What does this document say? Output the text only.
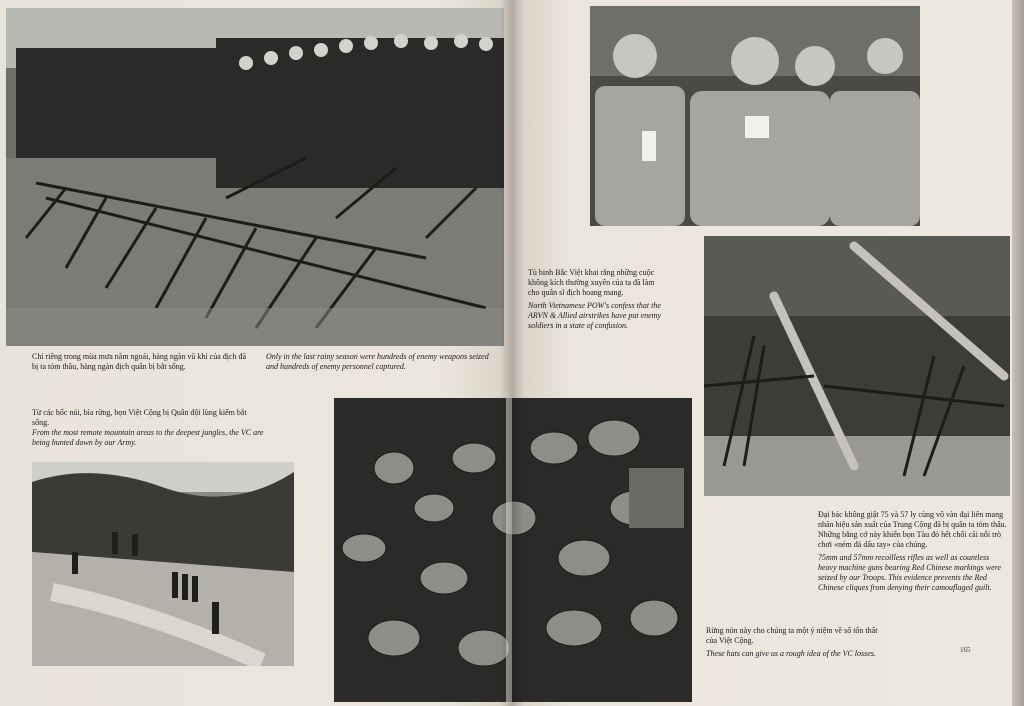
Chỉ riêng trong mùa mưa năm ngoái, hàng ngàn vũ khí của địch đã bị ta tóm thâu, hàng ngàn địch quân bị bắt sống.
Only in the last rainy season were hundreds of enemy weapons seized and hundreds of enemy personnel captured.
Từ các hốc núi, bìa rừng, bọn Việt Cộng bị Quân đội lùng kiếm bắt sống.
From the most remote mountain areas to the deepest jungles, the VC are being hunted down by our Army.
Tù binh Bắc Việt khai rằng những cuộc không kích thường xuyên của ta đã làm cho quân sĩ địch hoang mang.
North Vietnamese POW's confess that the ARVN & Allied airstrikes have put enemy soldiers in a state of confusion.
Đại bác không giật 75 và 57 ly cùng vô vàn đại liên mang nhãn hiệu sản xuất của Trung Cộng đã bị quân ta tóm thâu. Những bằng cớ này khiến bọn Tàu đỏ hết chối cãi nỗi trò chơi «ném đá dấu tay» của chúng.
75mm and 57mm recoilless rifles as well as countless heavy machine guns bearing Red Chinese markings were seized by our Troops. This evidence prevents the Red Chinese cliques from denying their camouflaged guilt.
Rừng nón này cho chúng ta một ý niệm về số tổn thất của Việt Cộng.
These hats can give us a rough idea of the VC losses.	165
